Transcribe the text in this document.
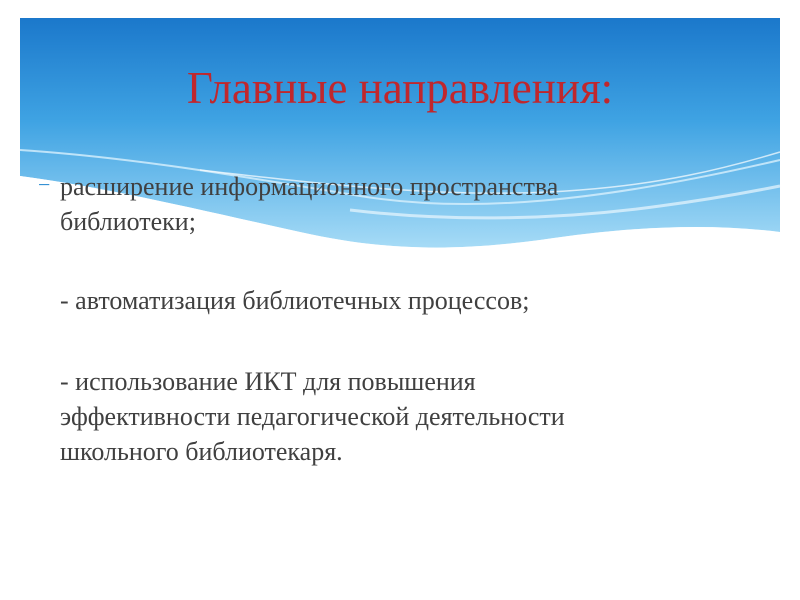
Главные направления:
− расширение информационного пространства
библиотеки;
- автоматизация библиотечных процессов;
- использование ИКТ для повышения
эффективности педагогической деятельности
школьного библиотекаря.
